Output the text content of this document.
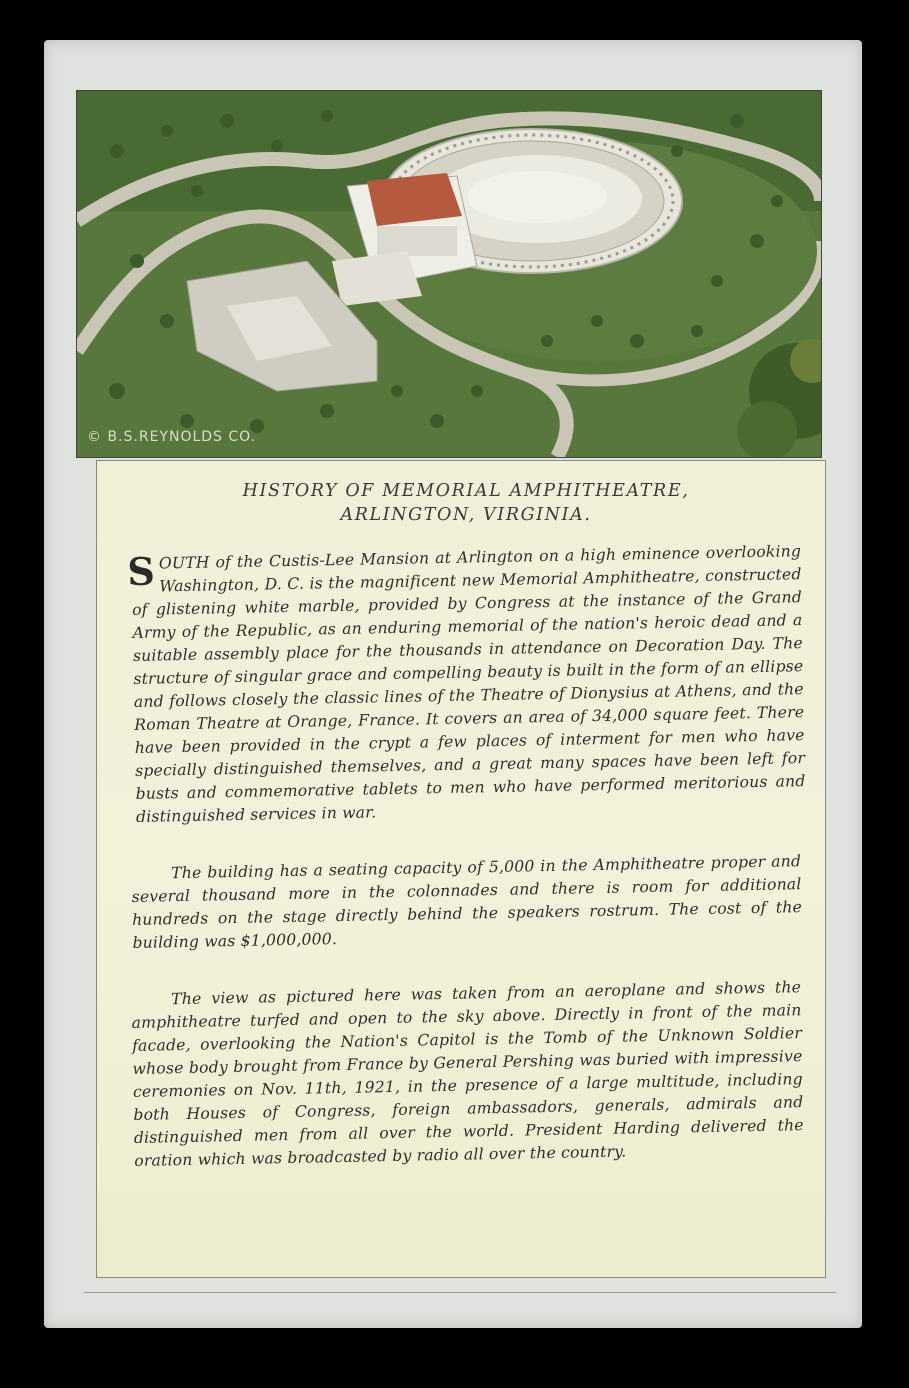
© B.S.REYNOLDS CO.
HISTORY OF MEMORIAL AMPHITHEATRE,
ARLINGTON, VIRGINIA.

SOUTH of the Custis-Lee Mansion at Arlington on a high eminence overlooking Washington, D. C. is the magnificent new Memorial Amphitheatre, constructed of glistening white marble, provided by Congress at the instance of the Grand Army of the Republic, as an enduring memorial of the nation's heroic dead and a suitable assembly place for the thousands in attendance on Decoration Day. The structure of singular grace and compelling beauty is built in the form of an ellipse and follows closely the classic lines of the Theatre of Dionysius at Athens, and the Roman Theatre at Orange, France. It covers an area of 34,000 square feet. There have been provided in the crypt a few places of interment for men who have specially distinguished themselves, and a great many spaces have been left for busts and commemorative tablets to men who have performed meritorious and distinguished services in war.

The building has a seating capacity of 5,000 in the Amphitheatre proper and several thousand more in the colonnades and there is room for additional hundreds on the stage directly behind the speakers rostrum. The cost of the building was $1,000,000.

The view as pictured here was taken from an aeroplane and shows the amphitheatre turfed and open to the sky above. Directly in front of the main facade, overlooking the Nation's Capitol is the Tomb of the Unknown Soldier whose body brought from France by General Pershing was buried with impressive ceremonies on Nov. 11th, 1921, in the presence of a large multitude, including both Houses of Congress, foreign ambassadors, generals, admirals and distinguished men from all over the world. President Harding delivered the oration which was broadcasted by radio all over the country.
